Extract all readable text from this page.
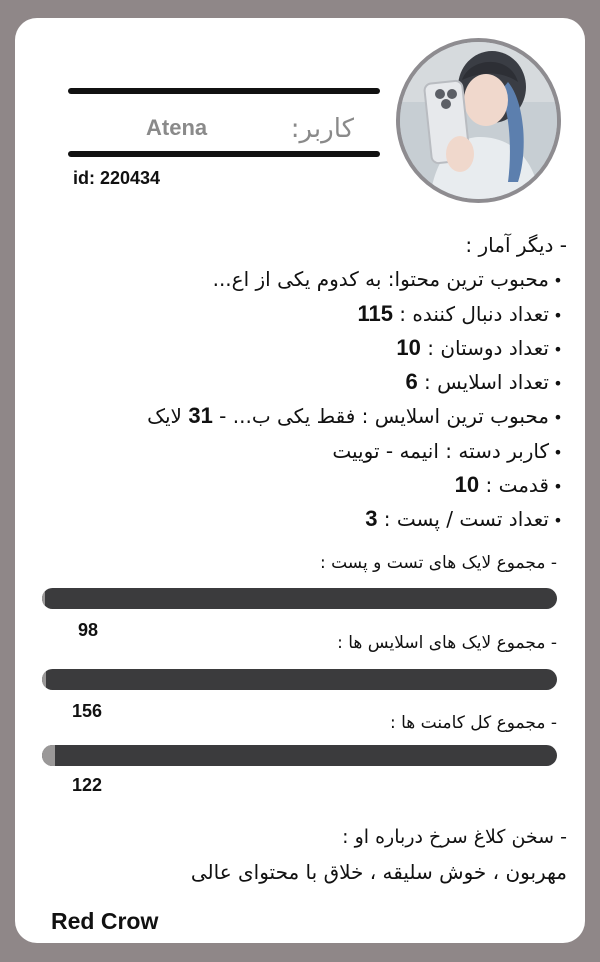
Atena	کاربر:
id: 220434
- دیگر آمار :
•محبوب ترین محتوا: به کدوم یکی از اع...
•تعداد دنبال کننده : 115
•تعداد دوستان : 10
•تعداد اسلایس : 6
•محبوب ترین اسلایس : فقط یکی ب... - 31 لایک
•کاربر دسته : انیمه - توییت
•قدمت : 10
•تعداد تست / پست : 3
- مجموع لایک های تست و پست :
98
- مجموع لایک های اسلایس ها :
156
- مجموع کل کامنت ها :
122
- سخن کلاغ سرخ درباره او :
مهربون ، خوش سلیقه ، خلاق با محتوای عالی
Red Crow
